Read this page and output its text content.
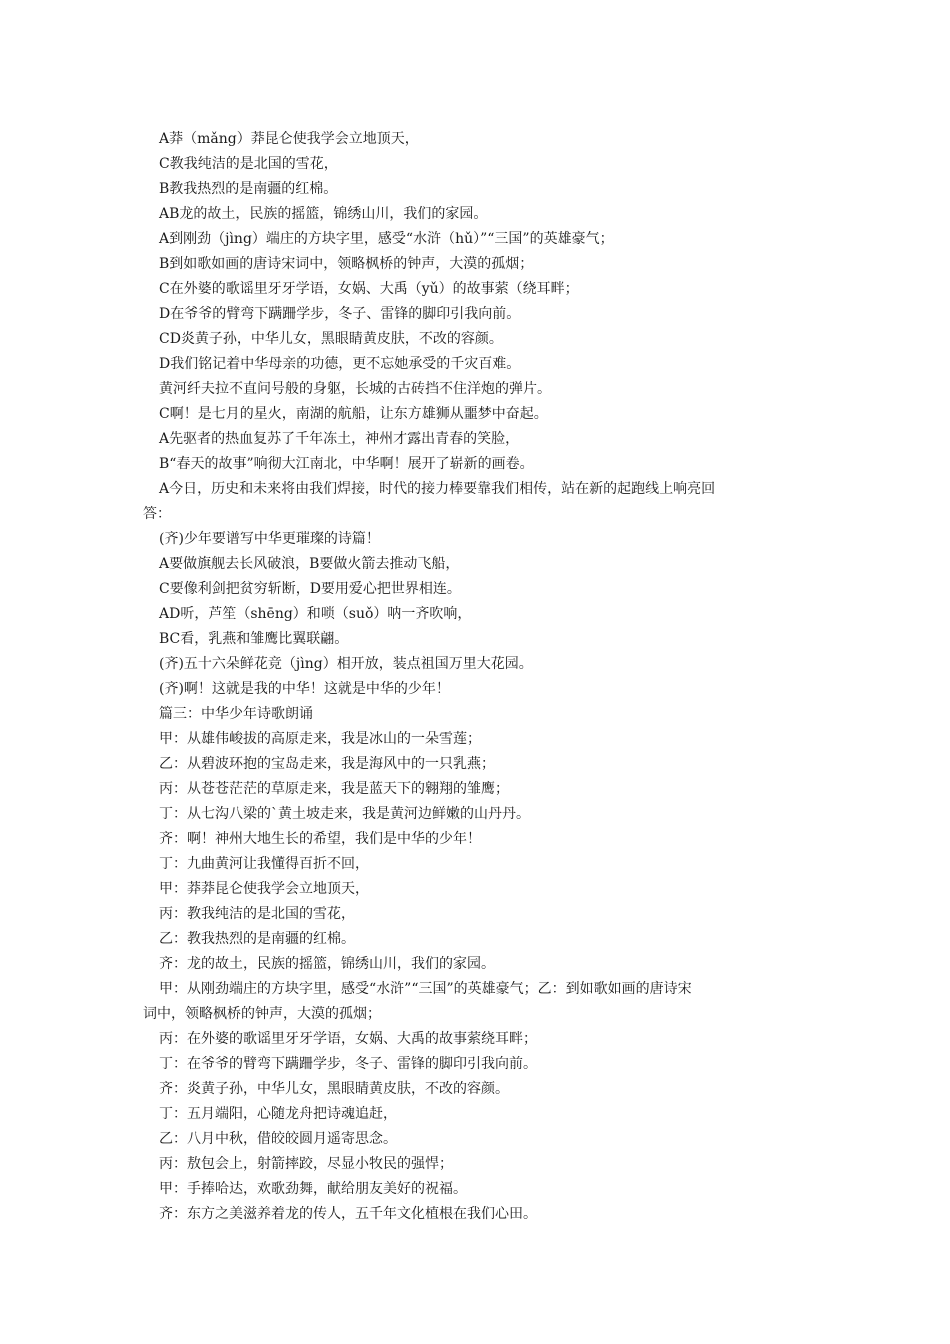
A莽（mǎng）莽昆仑使我学会立地顶天，

C教我纯洁的是北国的雪花，

B教我热烈的是南疆的红棉。

AB龙的故土，民族的摇篮，锦绣山川，我们的家园。

A到刚劲（jìng）端庄的方块字里，感受“水浒（hǔ）”“三国”的英雄豪气；

B到如歌如画的唐诗宋词中，领略枫桥的钟声，大漠的孤烟；

C在外婆的歌谣里牙牙学语，女娲、大禹（yǔ）的故事萦（绕耳畔；

D在爷爷的臂弯下蹒跚学步，冬子、雷锋的脚印引我向前。

CD炎黄子孙，中华儿女，黑眼睛黄皮肤，不改的容颜。

D我们铭记着中华母亲的功德，更不忘她承受的千灾百难。

黄河纤夫拉不直问号般的身躯，长城的古砖挡不住洋炮的弹片。

C啊！是七月的星火，南湖的航船，让东方雄狮从噩梦中奋起。

A先驱者的热血复苏了千年冻土，神州才露出青春的笑脸，

B“春天的故事”响彻大江南北，中华啊！展开了崭新的画卷。

A今日，历史和未来将由我们焊接，时代的接力棒要靠我们相传，站在新的起跑线上响亮回

答：

(齐)少年要谱写中华更璀璨的诗篇！

A要做旗舰去长风破浪，B要做火箭去推动飞船，

C要像利剑把贫穷斩断，D要用爱心把世界相连。

AD听，芦笙（shēng）和唢（suǒ）呐一齐吹响，

BC看，乳燕和雏鹰比翼联翩。

(齐)五十六朵鲜花竞（jìng）相开放，装点祖国万里大花园。

(齐)啊！这就是我的中华！这就是中华的少年！

篇三：中华少年诗歌朗诵

甲：从雄伟峻拔的高原走来，我是冰山的一朵雪莲；

乙：从碧波环抱的宝岛走来，我是海风中的一只乳燕；

丙：从苍苍茫茫的草原走来，我是蓝天下的翱翔的雏鹰；

丁：从七沟八梁的`黄土坡走来，我是黄河边鲜嫩的山丹丹。

齐：啊！神州大地生长的希望，我们是中华的少年！

丁：九曲黄河让我懂得百折不回，

甲：莽莽昆仑使我学会立地顶天，

丙：教我纯洁的是北国的雪花，

乙：教我热烈的是南疆的红棉。

齐：龙的故土，民族的摇篮，锦绣山川，我们的家园。

甲：从刚劲端庄的方块字里，感受“水浒”“三国”的英雄豪气；乙：到如歌如画的唐诗宋

词中，领略枫桥的钟声，大漠的孤烟；

丙：在外婆的歌谣里牙牙学语，女娲、大禹的故事萦绕耳畔；

丁：在爷爷的臂弯下蹒跚学步，冬子、雷锋的脚印引我向前。

齐：炎黄子孙，中华儿女，黑眼睛黄皮肤，不改的容颜。

丁：五月端阳，心随龙舟把诗魂追赶，

乙：八月中秋，借皎皎圆月遥寄思念。

丙：敖包会上，射箭摔跤，尽显小牧民的强悍；

甲：手捧哈达，欢歌劲舞，献给朋友美好的祝福。

齐：东方之美滋养着龙的传人，五千年文化植根在我们心田。
